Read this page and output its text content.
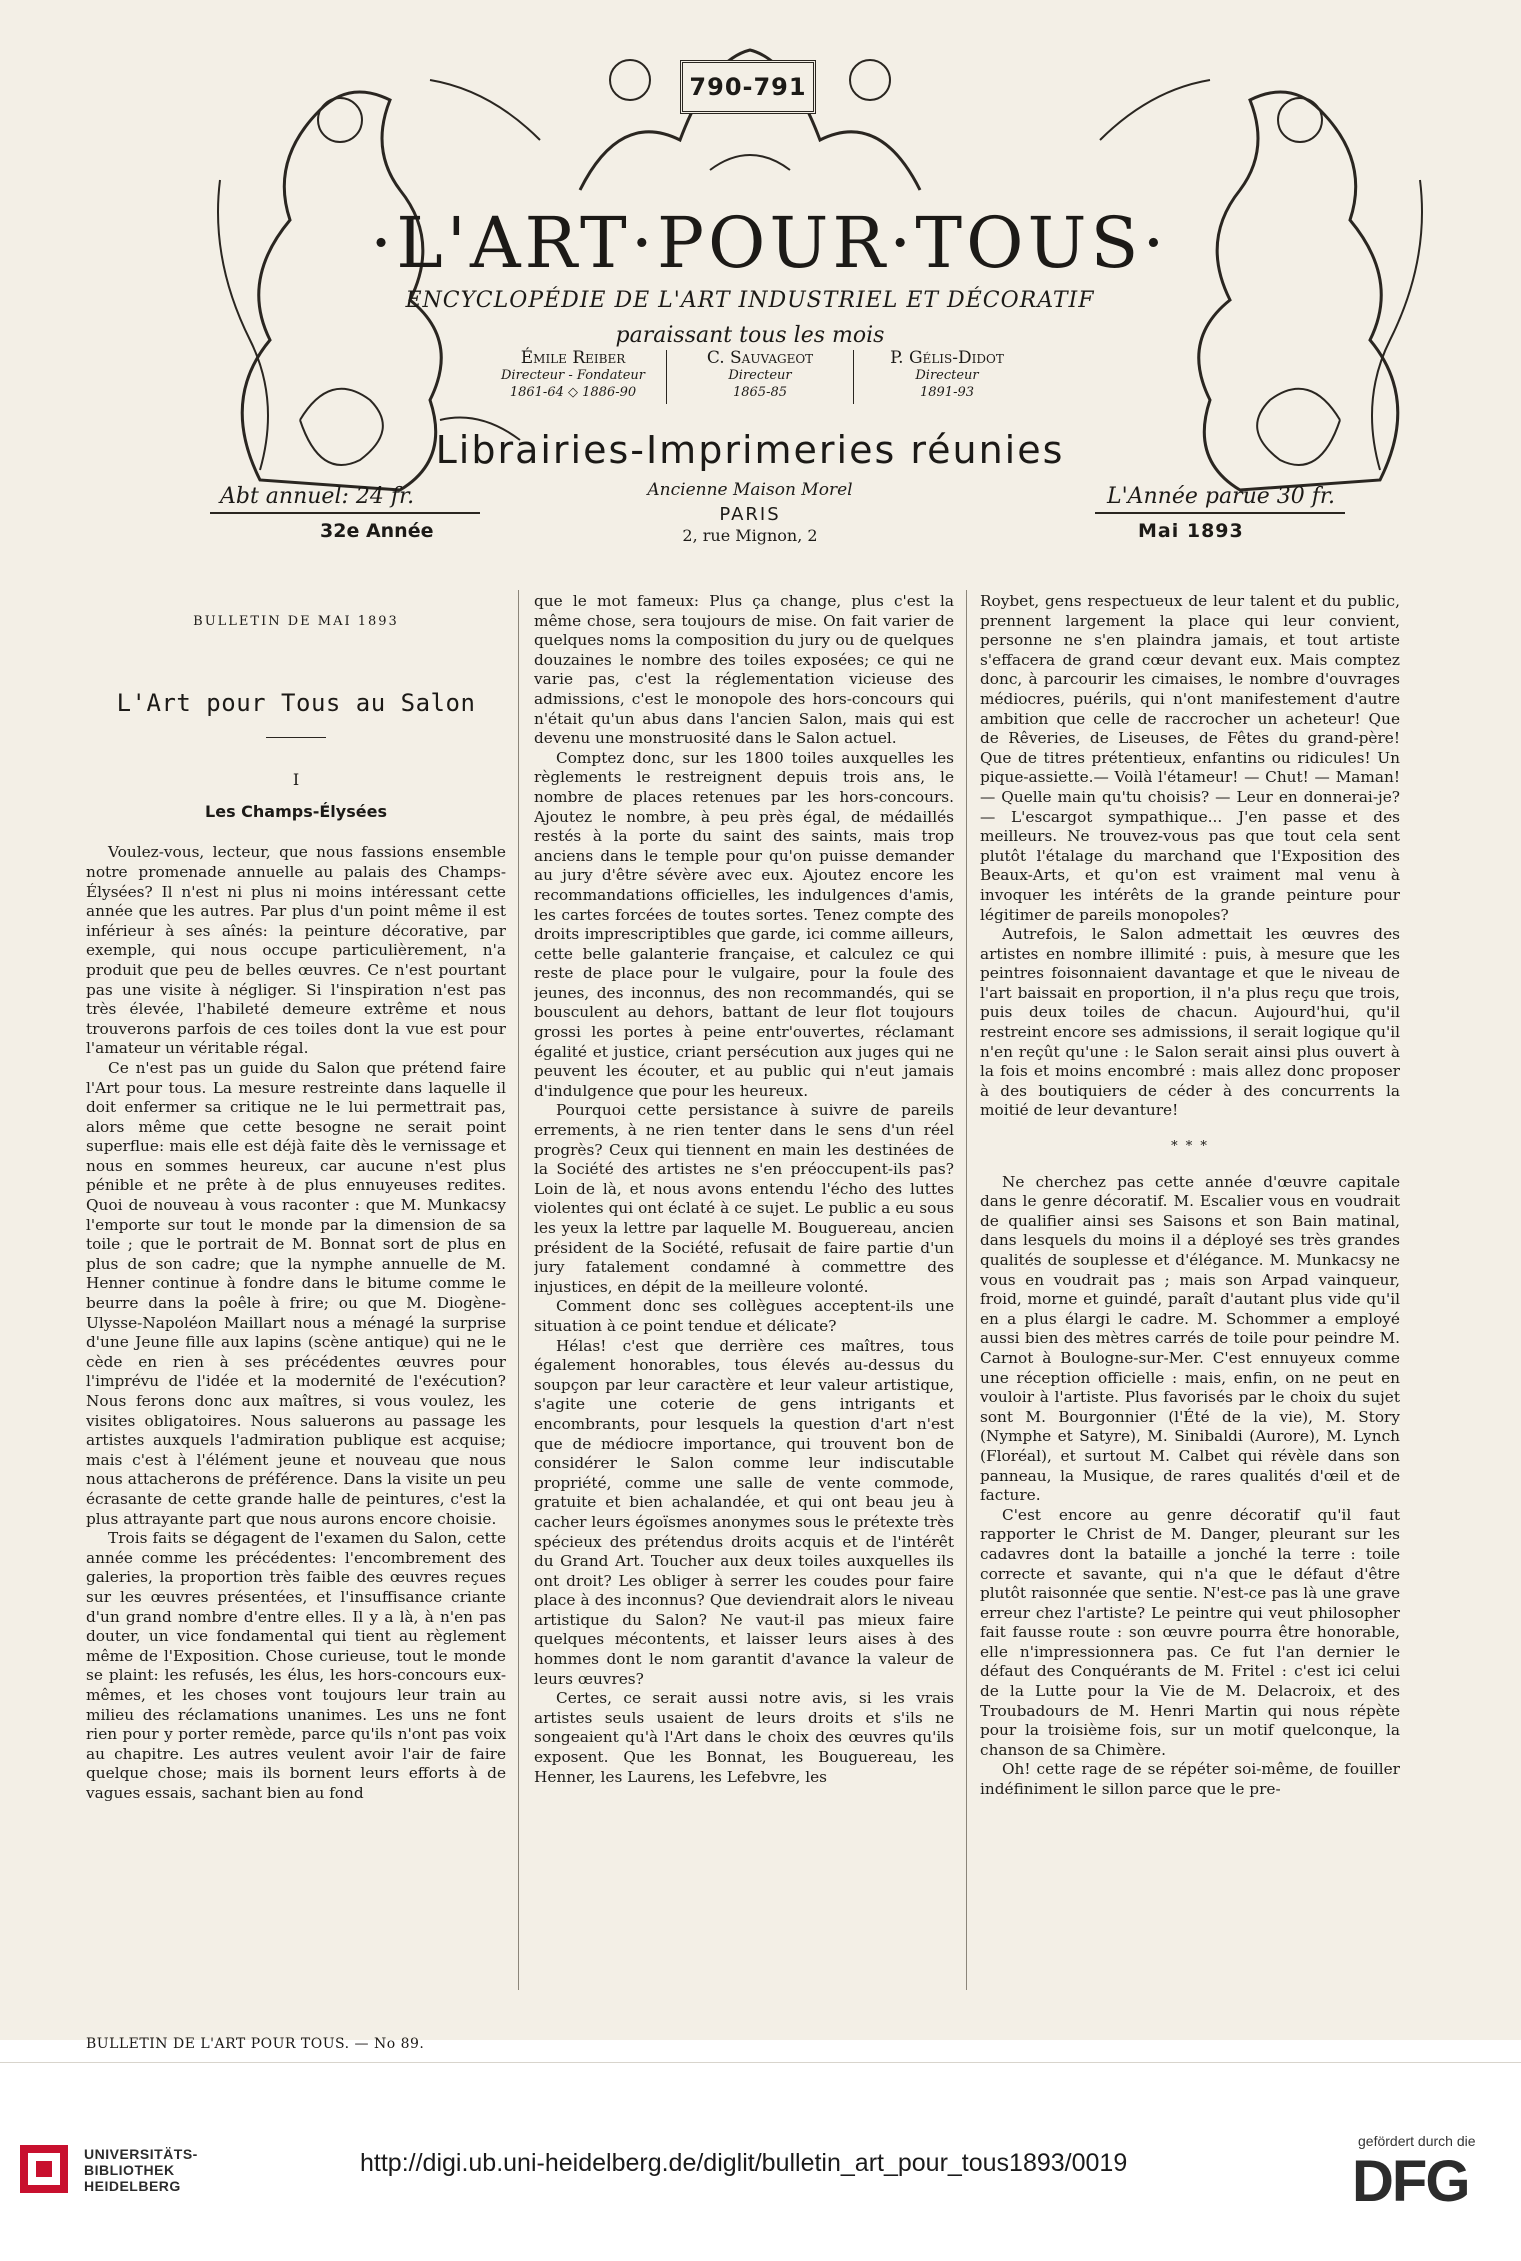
790-791
·L'ART·POUR·TOUS·
ENCYCLOPÉDIE DE L'ART INDUSTRIEL ET DÉCORATIF
paraissant tous les mois
Émile Reiber
Directeur - Fondateur
1861-64 ◇ 1886-90
C. Sauvageot
Directeur
1865-85
P. Gélis-Didot
Directeur
1891-93
Librairies-Imprimeries réunies
Ancienne Maison Morel
PARIS
2, rue Mignon, 2
Abt annuel: 24 fr.	L'Année parue 30 fr.
32e Année	Mai 1893
BULLETIN DE MAI 1893
L'Art pour Tous au Salon
I
Les Champs-Élysées

Voulez-vous, lecteur, que nous fassions ensemble notre promenade annuelle au palais des Champs-Élysées? Il n'est ni plus ni moins intéressant cette année que les autres. Par plus d'un point même il est inférieur à ses aînés: la peinture décorative, par exemple, qui nous occupe particulièrement, n'a produit que peu de belles œuvres. Ce n'est pourtant pas une visite à négliger. Si l'inspiration n'est pas très élevée, l'habileté demeure extrême et nous trouverons parfois de ces toiles dont la vue est pour l'amateur un véritable régal.

Ce n'est pas un guide du Salon que prétend faire l'Art pour tous. La mesure restreinte dans laquelle il doit enfermer sa critique ne le lui permettrait pas, alors même que cette besogne ne serait point superflue: mais elle est déjà faite dès le vernissage et nous en sommes heureux, car aucune n'est plus pénible et ne prête à de plus ennuyeuses redites. Quoi de nouveau à vous raconter : que M. Munkacsy l'emporte sur tout le monde par la dimension de sa toile ; que le portrait de M. Bonnat sort de plus en plus de son cadre; que la nymphe annuelle de M. Henner continue à fondre dans le bitume comme le beurre dans la poêle à frire; ou que M. Diogène-Ulysse-Napoléon Maillart nous a ménagé la surprise d'une Jeune fille aux lapins (scène antique) qui ne le cède en rien à ses précédentes œuvres pour l'imprévu de l'idée et la modernité de l'exécution? Nous ferons donc aux maîtres, si vous voulez, les visites obligatoires. Nous saluerons au passage les artistes auxquels l'admiration publique est acquise; mais c'est à l'élément jeune et nouveau que nous nous attacherons de préférence. Dans la visite un peu écrasante de cette grande halle de peintures, c'est la plus attrayante part que nous aurons encore choisie.

Trois faits se dégagent de l'examen du Salon, cette année comme les précédentes: l'encombrement des galeries, la proportion très faible des œuvres reçues sur les œuvres présentées, et l'insuffisance criante d'un grand nombre d'entre elles. Il y a là, à n'en pas douter, un vice fondamental qui tient au règlement même de l'Exposition. Chose curieuse, tout le monde se plaint: les refusés, les élus, les hors-concours eux-mêmes, et les choses vont toujours leur train au milieu des réclamations unanimes. Les uns ne font rien pour y porter remède, parce qu'ils n'ont pas voix au chapitre. Les autres veulent avoir l'air de faire quelque chose; mais ils bornent leurs efforts à de vagues essais, sachant bien au fond

que le mot fameux: Plus ça change, plus c'est la même chose, sera toujours de mise. On fait varier de quelques noms la composition du jury ou de quelques douzaines le nombre des toiles exposées; ce qui ne varie pas, c'est la réglementation vicieuse des admissions, c'est le monopole des hors-concours qui n'était qu'un abus dans l'ancien Salon, mais qui est devenu une monstruosité dans le Salon actuel.

Comptez donc, sur les 1800 toiles auxquelles les règlements le restreignent depuis trois ans, le nombre de places retenues par les hors-concours. Ajoutez le nombre, à peu près égal, de médaillés restés à la porte du saint des saints, mais trop anciens dans le temple pour qu'on puisse demander au jury d'être sévère avec eux. Ajoutez encore les recommandations officielles, les indulgences d'amis, les cartes forcées de toutes sortes. Tenez compte des droits imprescriptibles que garde, ici comme ailleurs, cette belle galanterie française, et calculez ce qui reste de place pour le vulgaire, pour la foule des jeunes, des inconnus, des non recommandés, qui se bousculent au dehors, battant de leur flot toujours grossi les portes à peine entr'ouvertes, réclamant égalité et justice, criant persécution aux juges qui ne peuvent les écouter, et au public qui n'eut jamais d'indulgence que pour les heureux.

Pourquoi cette persistance à suivre de pareils errements, à ne rien tenter dans le sens d'un réel progrès? Ceux qui tiennent en main les destinées de la Société des artistes ne s'en préoccupent-ils pas? Loin de là, et nous avons entendu l'écho des luttes violentes qui ont éclaté à ce sujet. Le public a eu sous les yeux la lettre par laquelle M. Bouguereau, ancien président de la Société, refusait de faire partie d'un jury fatalement condamné à commettre des injustices, en dépit de la meilleure volonté.

Comment donc ses collègues acceptent-ils une situation à ce point tendue et délicate?

Hélas! c'est que derrière ces maîtres, tous également honorables, tous élevés au-dessus du soupçon par leur caractère et leur valeur artistique, s'agite une coterie de gens intrigants et encombrants, pour lesquels la question d'art n'est que de médiocre importance, qui trouvent bon de considérer le Salon comme leur indiscutable propriété, comme une salle de vente commode, gratuite et bien achalandée, et qui ont beau jeu à cacher leurs égoïsmes anonymes sous le prétexte très spécieux des prétendus droits acquis et de l'intérêt du Grand Art. Toucher aux deux toiles auxquelles ils ont droit? Les obliger à serrer les coudes pour faire place à des inconnus? Que deviendrait alors le niveau artistique du Salon? Ne vaut-il pas mieux faire quelques mécontents, et laisser leurs aises à des hommes dont le nom garantit d'avance la valeur de leurs œuvres?

Certes, ce serait aussi notre avis, si les vrais artistes seuls usaient de leurs droits et s'ils ne songeaient qu'à l'Art dans le choix des œuvres qu'ils exposent. Que les Bonnat, les Bouguereau, les Henner, les Laurens, les Lefebvre, les

Roybet, gens respectueux de leur talent et du public, prennent largement la place qui leur convient, personne ne s'en plaindra jamais, et tout artiste s'effacera de grand cœur devant eux. Mais comptez donc, à parcourir les cimaises, le nombre d'ouvrages médiocres, puérils, qui n'ont manifestement d'autre ambition que celle de raccrocher un acheteur! Que de Rêveries, de Liseuses, de Fêtes du grand-père! Que de titres prétentieux, enfantins ou ridicules! Un pique-assiette.— Voilà l'étameur! — Chut! — Maman! — Quelle main qu'tu choisis? — Leur en donnerai-je? — L'escargot sympathique... J'en passe et des meilleurs. Ne trouvez-vous pas que tout cela sent plutôt l'étalage du marchand que l'Exposition des Beaux-Arts, et qu'on est vraiment mal venu à invoquer les intérêts de la grande peinture pour légitimer de pareils monopoles?

Autrefois, le Salon admettait les œuvres des artistes en nombre illimité : puis, à mesure que les peintres foisonnaient davantage et que le niveau de l'art baissait en proportion, il n'a plus reçu que trois, puis deux toiles de chacun. Aujourd'hui, qu'il restreint encore ses admissions, il serait logique qu'il n'en reçût qu'une : le Salon serait ainsi plus ouvert à la fois et moins encombré : mais allez donc proposer à des boutiquiers de céder à des concurrents la moitié de leur devanture!

* * *

Ne cherchez pas cette année d'œuvre capitale dans le genre décoratif. M. Escalier vous en voudrait de qualifier ainsi ses Saisons et son Bain matinal, dans lesquels du moins il a déployé ses très grandes qualités de souplesse et d'élégance. M. Munkacsy ne vous en voudrait pas ; mais son Arpad vainqueur, froid, morne et guindé, paraît d'autant plus vide qu'il en a plus élargi le cadre. M. Schommer a employé aussi bien des mètres carrés de toile pour peindre M. Carnot à Boulogne-sur-Mer. C'est ennuyeux comme une réception officielle : mais, enfin, on ne peut en vouloir à l'artiste. Plus favorisés par le choix du sujet sont M. Bourgonnier (l'Été de la vie), M. Story (Nymphe et Satyre), M. Sinibaldi (Aurore), M. Lynch (Floréal), et surtout M. Calbet qui révèle dans son panneau, la Musique, de rares qualités d'œil et de facture.

C'est encore au genre décoratif qu'il faut rapporter le Christ de M. Danger, pleurant sur les cadavres dont la bataille a jonché la terre : toile correcte et savante, qui n'a que le défaut d'être plutôt raisonnée que sentie. N'est-ce pas là une grave erreur chez l'artiste? Le peintre qui veut philosopher fait fausse route : son œuvre pourra être honorable, elle n'impressionnera pas. Ce fut l'an dernier le défaut des Conquérants de M. Fritel : c'est ici celui de la Lutte pour la Vie de M. Delacroix, et des Troubadours de M. Henri Martin qui nous répète pour la troisième fois, sur un motif quelconque, la chanson de sa Chimère.

Oh! cette rage de se répéter soi-même, de fouiller indéfiniment le sillon parce que le pre-

BULLETIN DE L'ART POUR TOUS. — No 89.
UNIVERSITÄTS-
BIBLIOTHEK
HEIDELBERG
http://digi.ub.uni-heidelberg.de/diglit/bulletin_art_pour_tous1893/0019
gefördert durch die
DFG
